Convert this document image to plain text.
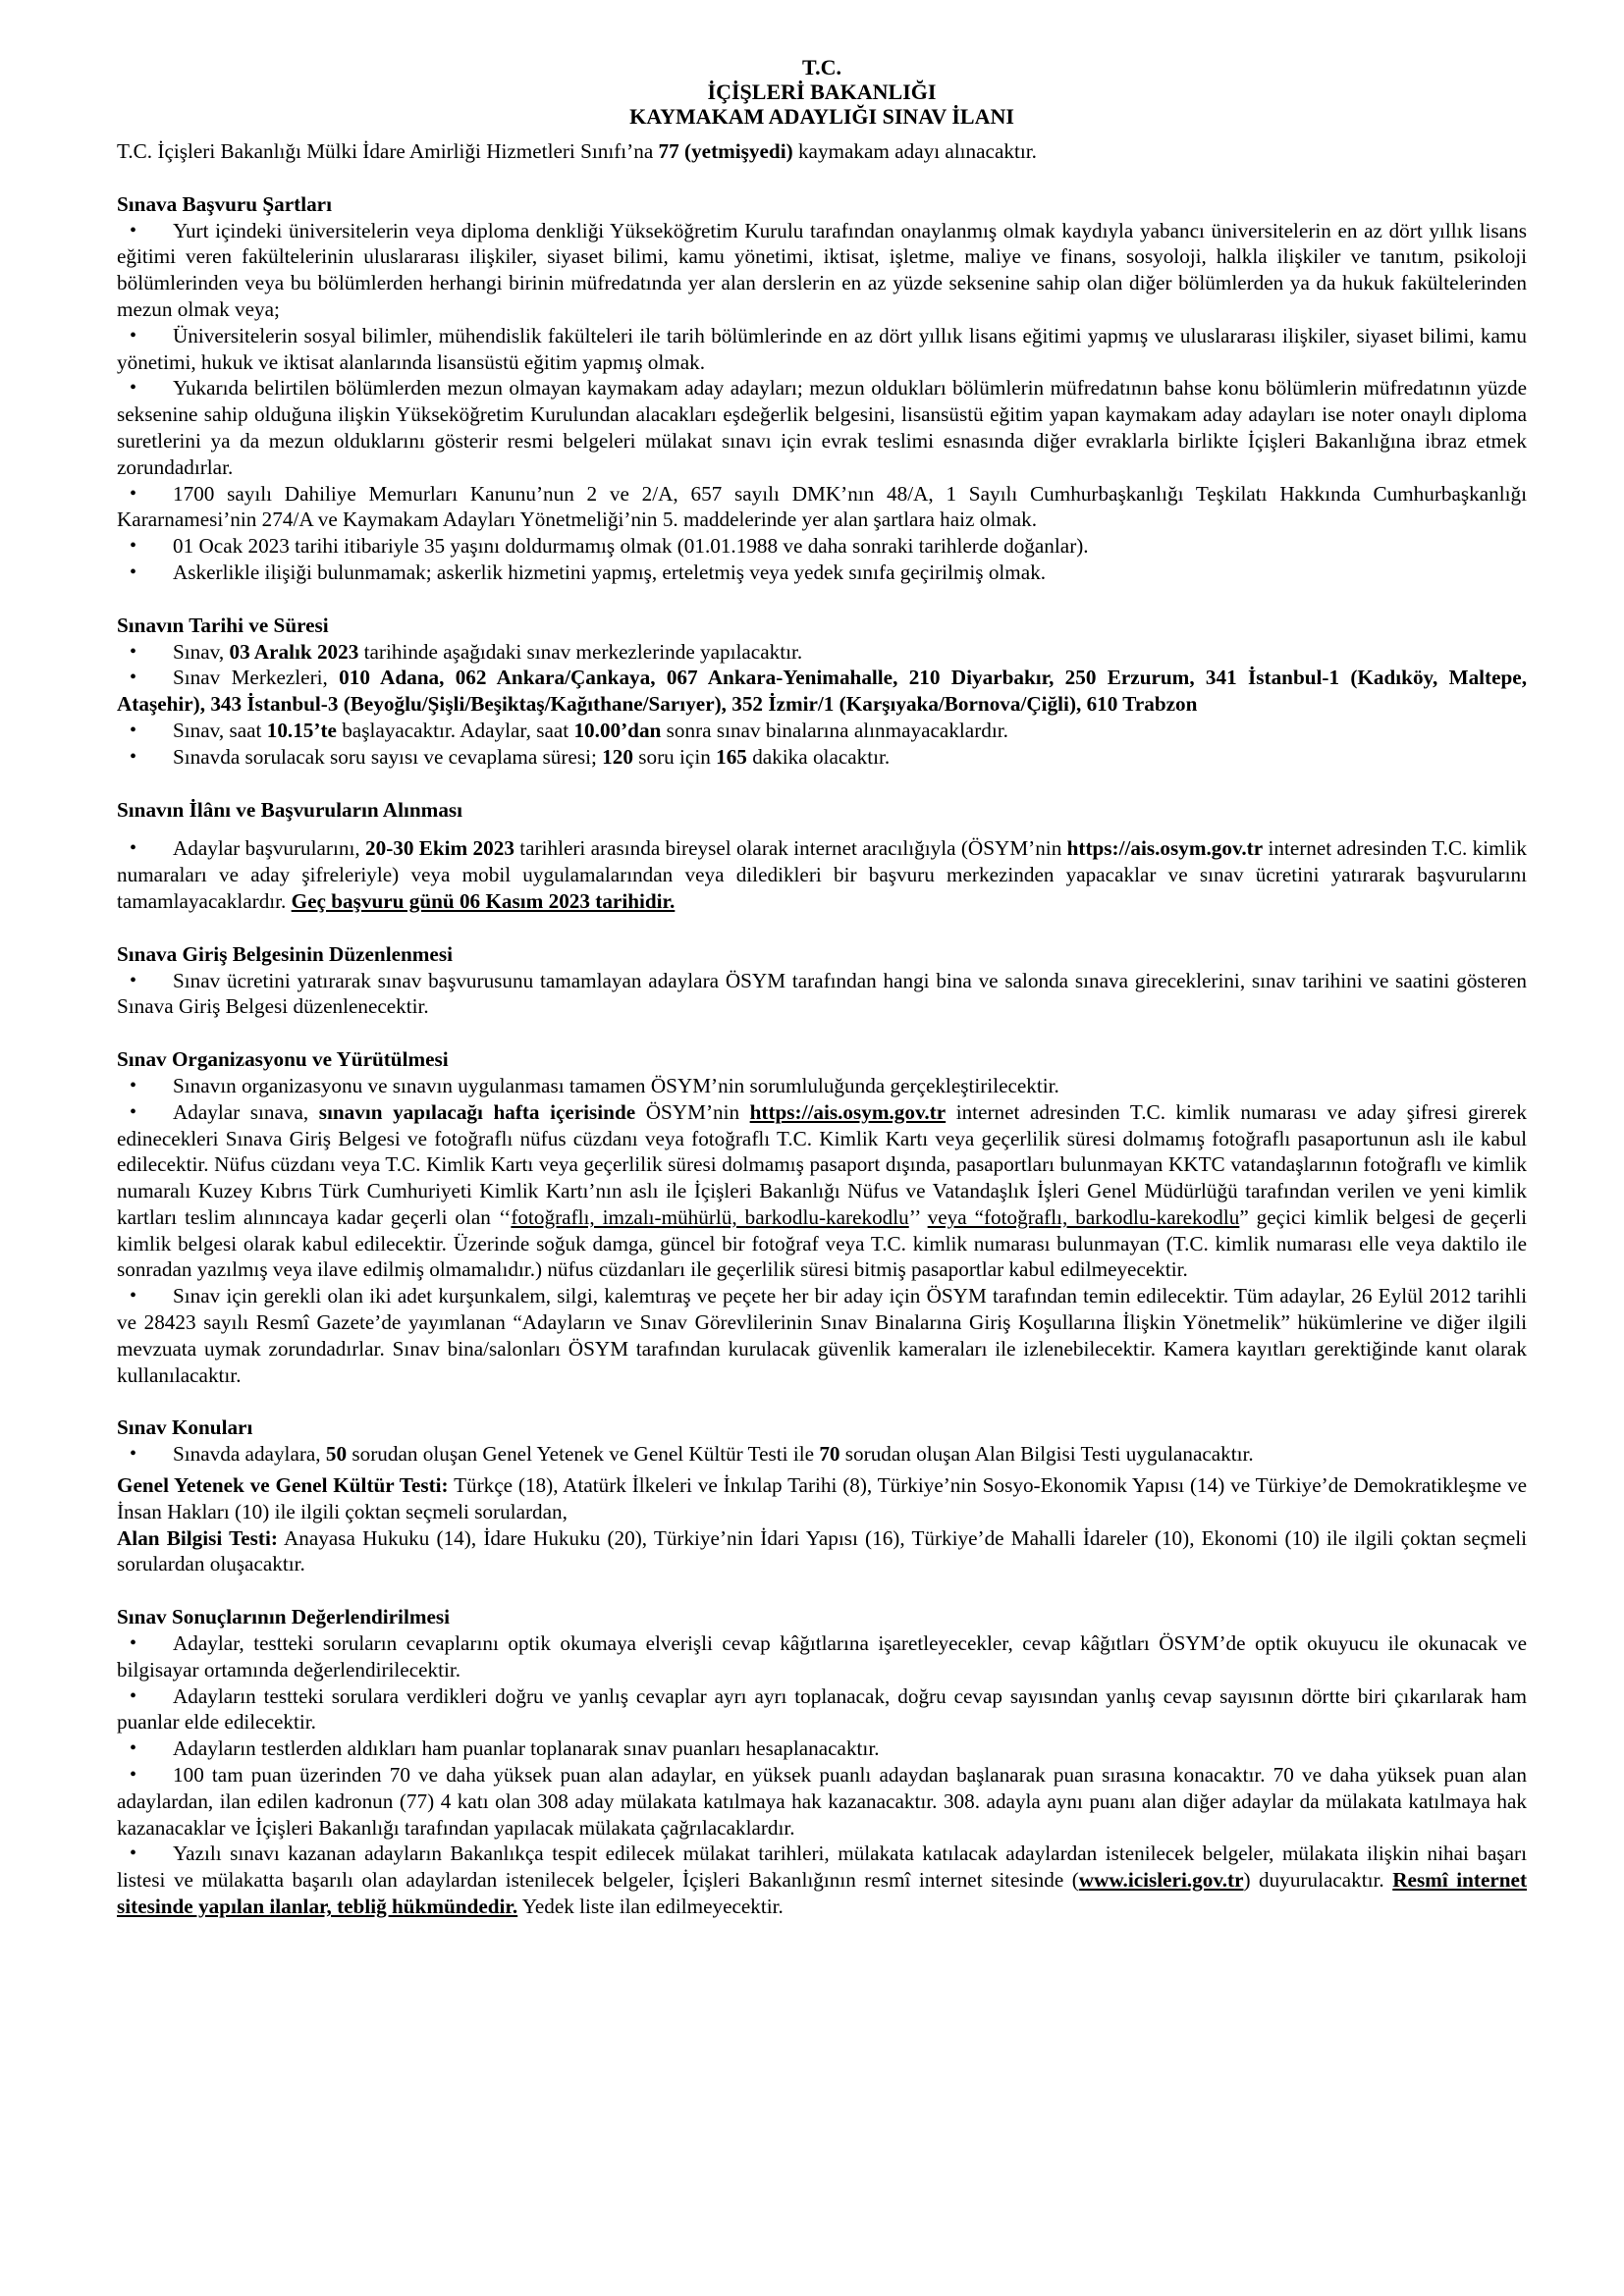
T.C.
İÇİŞLERİ BAKANLIĞI
KAYMAKAM ADAYLIĞI SINAV İLANI

T.C. İçişleri Bakanlığı Mülki İdare Amirliği Hizmetleri Sınıfı’na 77 (yetmişyedi) kaymakam adayı alınacaktır.

Sınava Başvuru Şartları

• Yurt içindeki üniversitelerin veya diploma denkliği Yükseköğretim Kurulu tarafından onaylanmış olmak kaydıyla yabancı üniversitelerin en az dört yıllık lisans eğitimi veren fakültelerinin uluslararası ilişkiler, siyaset bilimi, kamu yönetimi, iktisat, işletme, maliye ve finans, sosyoloji, halkla ilişkiler ve tanıtım, psikoloji bölümlerinden veya bu bölümlerden herhangi birinin müfredatında yer alan derslerin en az yüzde seksenine sahip olan diğer bölümlerden ya da hukuk fakültelerinden mezun olmak veya;

• Üniversitelerin sosyal bilimler, mühendislik fakülteleri ile tarih bölümlerinde en az dört yıllık lisans eğitimi yapmış ve uluslararası ilişkiler, siyaset bilimi, kamu yönetimi, hukuk ve iktisat alanlarında lisansüstü eğitim yapmış olmak.

• Yukarıda belirtilen bölümlerden mezun olmayan kaymakam aday adayları; mezun oldukları bölümlerin müfredatının bahse konu bölümlerin müfredatının yüzde seksenine sahip olduğuna ilişkin Yükseköğretim Kurulundan alacakları eşdeğerlik belgesini, lisansüstü eğitim yapan kaymakam aday adayları ise noter onaylı diploma suretlerini ya da mezun olduklarını gösterir resmi belgeleri mülakat sınavı için evrak teslimi esnasında diğer evraklarla birlikte İçişleri Bakanlığına ibraz etmek zorundadırlar.

• 1700 sayılı Dahiliye Memurları Kanunu’nun 2 ve 2/A, 657 sayılı DMK’nın 48/A, 1 Sayılı Cumhurbaşkanlığı Teşkilatı Hakkında Cumhurbaşkanlığı Kararnamesi’nin 274/A ve Kaymakam Adayları Yönetmeliği’nin 5. maddelerinde yer alan şartlara haiz olmak.

• 01 Ocak 2023 tarihi itibariyle 35 yaşını doldurmamış olmak (01.01.1988 ve daha sonraki tarihlerde doğanlar).

• Askerlikle ilişiği bulunmamak; askerlik hizmetini yapmış, erteletmiş veya yedek sınıfa geçirilmiş olmak.

Sınavın Tarihi ve Süresi

• Sınav, 03 Aralık 2023 tarihinde aşağıdaki sınav merkezlerinde yapılacaktır.

• Sınav Merkezleri, 010 Adana, 062 Ankara/Çankaya, 067 Ankara-Yenimahalle, 210 Diyarbakır, 250 Erzurum, 341 İstanbul-1 (Kadıköy, Maltepe, Ataşehir), 343 İstanbul-3 (Beyoğlu/Şişli/Beşiktaş/Kağıthane/Sarıyer), 352 İzmir/1 (Karşıyaka/Bornova/Çiğli), 610 Trabzon

• Sınav, saat 10.15’te başlayacaktır. Adaylar, saat 10.00’dan sonra sınav binalarına alınmayacaklardır.

• Sınavda sorulacak soru sayısı ve cevaplama süresi; 120 soru için 165 dakika olacaktır.

Sınavın İlânı ve Başvuruların Alınması

• Adaylar başvurularını, 20-30 Ekim 2023 tarihleri arasında bireysel olarak internet aracılığıyla (ÖSYM’nin https://ais.osym.gov.tr internet adresinden T.C. kimlik numaraları ve aday şifreleriyle) veya mobil uygulamalarından veya diledikleri bir başvuru merkezinden yapacaklar ve sınav ücretini yatırarak başvurularını tamamlayacaklardır. Geç başvuru günü 06 Kasım 2023 tarihidir.

Sınava Giriş Belgesinin Düzenlenmesi

• Sınav ücretini yatırarak sınav başvurusunu tamamlayan adaylara ÖSYM tarafından hangi bina ve salonda sınava gireceklerini, sınav tarihini ve saatini gösteren Sınava Giriş Belgesi düzenlenecektir.

Sınav Organizasyonu ve Yürütülmesi

• Sınavın organizasyonu ve sınavın uygulanması tamamen ÖSYM’nin sorumluluğunda gerçekleştirilecektir.

• Adaylar sınava, sınavın yapılacağı hafta içerisinde ÖSYM’nin https://ais.osym.gov.tr internet adresinden T.C. kimlik numarası ve aday şifresi girerek edinecekleri Sınava Giriş Belgesi ve fotoğraflı nüfus cüzdanı veya fotoğraflı T.C. Kimlik Kartı veya geçerlilik süresi dolmamış fotoğraflı pasaportunun aslı ile kabul edilecektir. Nüfus cüzdanı veya T.C. Kimlik Kartı veya geçerlilik süresi dolmamış pasaport dışında, pasaportları bulunmayan KKTC vatandaşlarının fotoğraflı ve kimlik numaralı Kuzey Kıbrıs Türk Cumhuriyeti Kimlik Kartı’nın aslı ile İçişleri Bakanlığı Nüfus ve Vatandaşlık İşleri Genel Müdürlüğü tarafından verilen ve yeni kimlik kartları teslim alınıncaya kadar geçerli olan ‘‘fotoğraflı, imzalı-mühürlü, barkodlu-karekodlu’’ veya “fotoğraflı, barkodlu-karekodlu” geçici kimlik belgesi de geçerli kimlik belgesi olarak kabul edilecektir. Üzerinde soğuk damga, güncel bir fotoğraf veya T.C. kimlik numarası bulunmayan (T.C. kimlik numarası elle veya daktilo ile sonradan yazılmış veya ilave edilmiş olmamalıdır.) nüfus cüzdanları ile geçerlilik süresi bitmiş pasaportlar kabul edilmeyecektir.

• Sınav için gerekli olan iki adet kurşunkalem, silgi, kalemtıraş ve peçete her bir aday için ÖSYM tarafından temin edilecektir. Tüm adaylar, 26 Eylül 2012 tarihli ve 28423 sayılı Resmî Gazete’de yayımlanan “Adayların ve Sınav Görevlilerinin Sınav Binalarına Giriş Koşullarına İlişkin Yönetmelik” hükümlerine ve diğer ilgili mevzuata uymak zorundadırlar. Sınav bina/salonları ÖSYM tarafından kurulacak güvenlik kameraları ile izlenebilecektir. Kamera kayıtları gerektiğinde kanıt olarak kullanılacaktır.

Sınav Konuları

• Sınavda adaylara, 50 sorudan oluşan Genel Yetenek ve Genel Kültür Testi ile 70 sorudan oluşan Alan Bilgisi Testi uygulanacaktır.

Genel Yetenek ve Genel Kültür Testi: Türkçe (18), Atatürk İlkeleri ve İnkılap Tarihi (8), Türkiye’nin Sosyo-Ekonomik Yapısı (14) ve Türkiye’de Demokratikleşme ve İnsan Hakları (10) ile ilgili çoktan seçmeli sorulardan,

Alan Bilgisi Testi: Anayasa Hukuku (14), İdare Hukuku (20), Türkiye’nin İdari Yapısı (16), Türkiye’de Mahalli İdareler (10), Ekonomi (10) ile ilgili çoktan seçmeli sorulardan oluşacaktır.

Sınav Sonuçlarının Değerlendirilmesi

• Adaylar, testteki soruların cevaplarını optik okumaya elverişli cevap kâğıtlarına işaretleyecekler, cevap kâğıtları ÖSYM’de optik okuyucu ile okunacak ve bilgisayar ortamında değerlendirilecektir.

• Adayların testteki sorulara verdikleri doğru ve yanlış cevaplar ayrı ayrı toplanacak, doğru cevap sayısından yanlış cevap sayısının dörtte biri çıkarılarak ham puanlar elde edilecektir.

• Adayların testlerden aldıkları ham puanlar toplanarak sınav puanları hesaplanacaktır.

• 100 tam puan üzerinden 70 ve daha yüksek puan alan adaylar, en yüksek puanlı adaydan başlanarak puan sırasına konacaktır. 70 ve daha yüksek puan alan adaylardan, ilan edilen kadronun (77) 4 katı olan 308 aday mülakata katılmaya hak kazanacaktır. 308. adayla aynı puanı alan diğer adaylar da mülakata katılmaya hak kazanacaklar ve İçişleri Bakanlığı tarafından yapılacak mülakata çağrılacaklardır.

• Yazılı sınavı kazanan adayların Bakanlıkça tespit edilecek mülakat tarihleri, mülakata katılacak adaylardan istenilecek belgeler, mülakata ilişkin nihai başarı listesi ve mülakatta başarılı olan adaylardan istenilecek belgeler, İçişleri Bakanlığının resmî internet sitesinde (www.icisleri.gov.tr) duyurulacaktır. Resmî internet sitesinde yapılan ilanlar, tebliğ hükmündedir. Yedek liste ilan edilmeyecektir.
